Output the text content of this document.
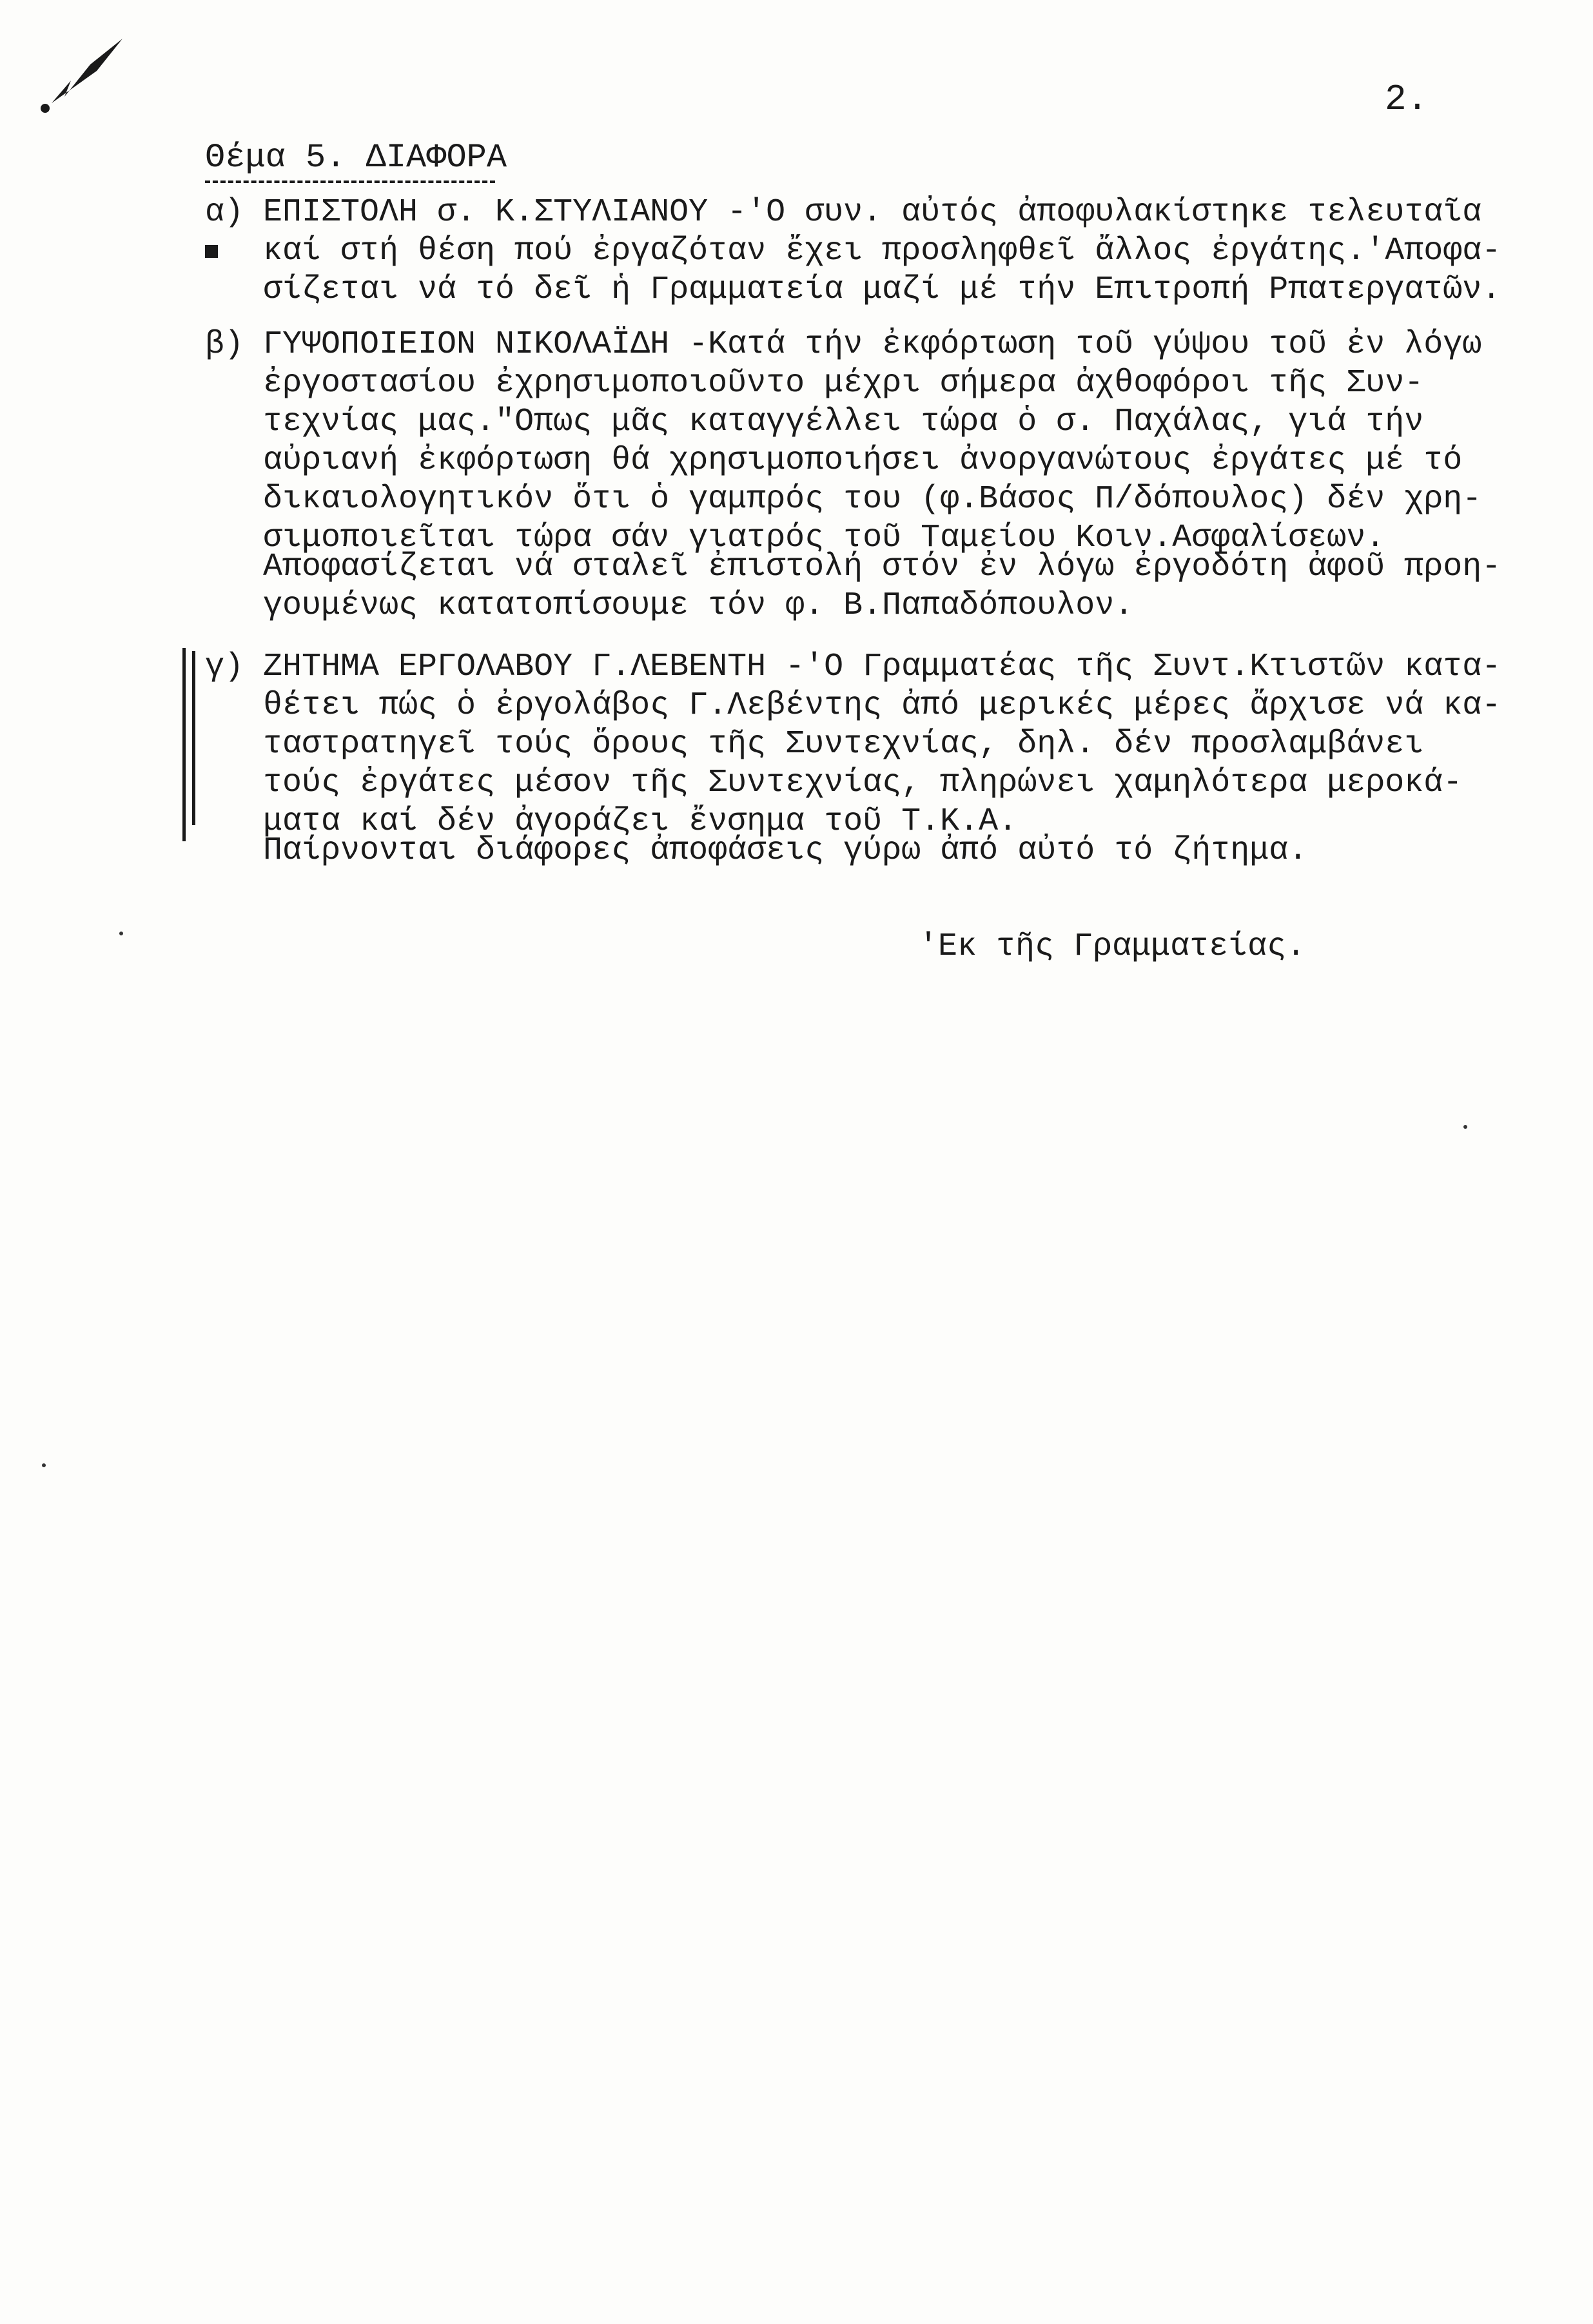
2.
Θέμα 5. ΔΙΑΦΟΡΑ
α) ΕΠΙΣΤΟΛΗ σ. Κ.ΣΤΥΛΙΑΝΟΥ -'Ο συν. αὐτός ἀποφυλακίστηκε τελευταῖα
καί στή θέση πού ἐργαζόταν ἔχει προσληφθεῖ ἄλλος ἐργάτης.'Αποφα-
σίζεται νά τό δεῖ ἡ Γραμματεία μαζί μέ τήν Επιτροπή Ρπατεργατῶν.
β) ΓΥΨΟΠΟΙΕΙΟΝ ΝΙΚΟΛΑΪΔΗ -Κατά τήν ἐκφόρτωση τοῦ γύψου τοῦ ἐν λόγω
ἐργοστασίου ἐχρησιμοποιοῦντο μέχρι σήμερα ἀχθοφόροι τῆς Συν-
τεχνίας μας."Οπως μᾶς καταγγέλλει τώρα ὁ σ. Παχάλας, γιά τήν
αὐριανή ἐκφόρτωση θά χρησιμοποιήσει ἀνοργανώτους ἐργάτες μέ τό
δικαιολογητικόν ὅτι ὁ γαμπρός του (φ.Βάσος Π/δόπουλος) δέν χρη-
σιμοποιεῖται τώρα σάν γιατρός τοῦ Ταμείου Κοιν.Ασφαλίσεων.
Αποφασίζεται νά σταλεῖ ἐπιστολή στόν ἐν λόγω ἐργοδότη ἀφοῦ προη-
γουμένως κατατοπίσουμε τόν φ. Β.Παπαδόπουλον.
γ) ΖΗΤΗΜΑ ΕΡΓΟΛΑΒΟΥ Γ.ΛΕΒΕΝΤΗ -'Ο Γραμματέας τῆς Συντ.Κτιστῶν κατα-
θέτει πώς ὁ ἐργολάβος Γ.Λεβέντης ἀπό μερικές μέρες ἄρχισε νά κα-
ταστρατηγεῖ τούς ὅρους τῆς Συντεχνίας, δηλ. δέν προσλαμβάνει
τούς ἐργάτες μέσον τῆς Συντεχνίας, πληρώνει χαμηλότερα μεροκά-
ματα καί δέν ἀγοράζει ἔνσημα τοῦ Τ.Κ.Α.
Παίρνονται διάφορες ἀποφάσεις γύρω ἀπό αὐτό τό ζήτημα.
'Εκ τῆς Γραμματείας.
